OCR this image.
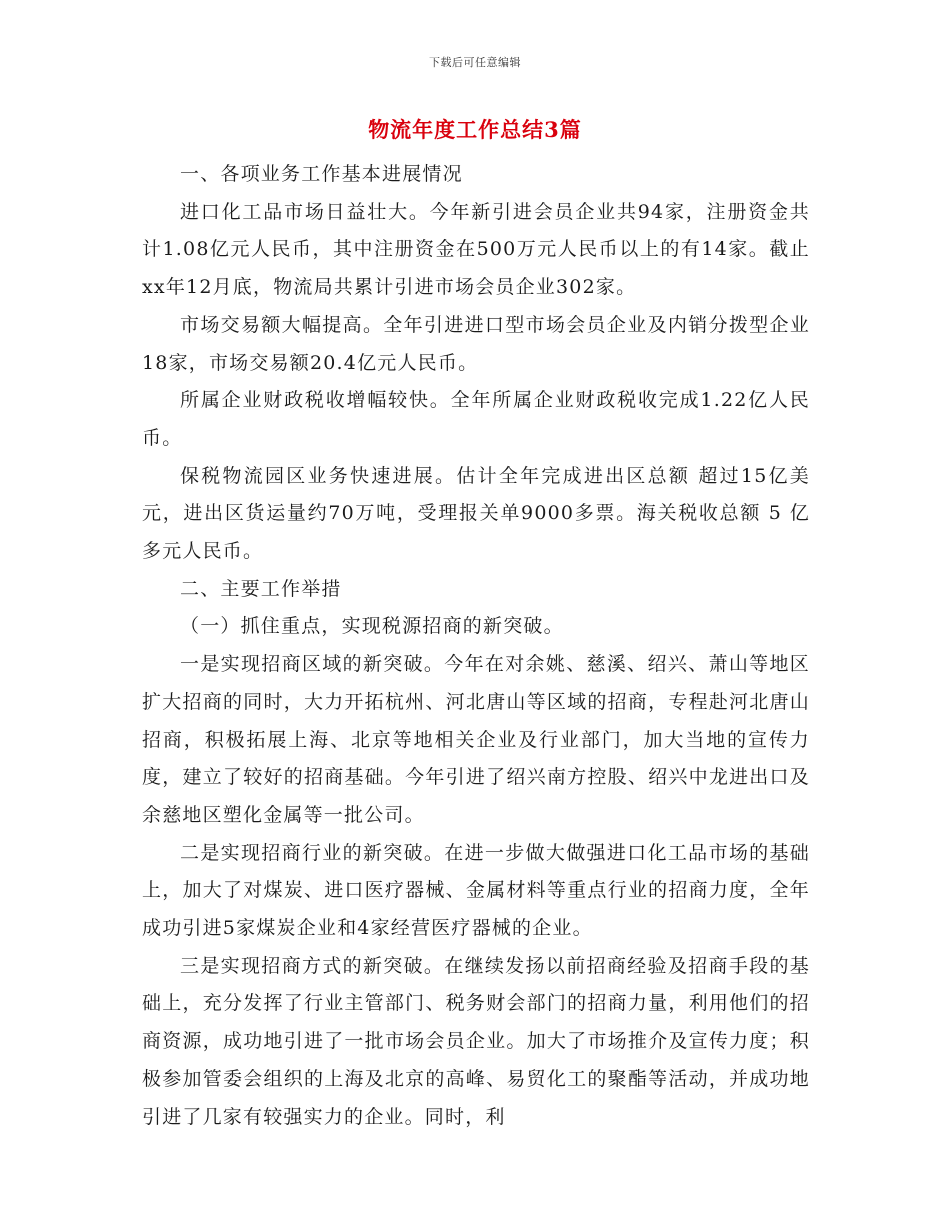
下载后可任意编辑
物流年度工作总结3篇

一、各项业务工作基本进展情况

进口化工品市场日益壮大。今年新引进会员企业共94家，注册资金共计1.08亿元人民币，其中注册资金在500万元人民币以上的有14家。截止xx年12月底，物流局共累计引进市场会员企业302家。

市场交易额大幅提高。全年引进进口型市场会员企业及内销分拨型企业18家，市场交易额20.4亿元人民币。

所属企业财政税收增幅较快。全年所属企业财政税收完成1.22亿人民币。

保税物流园区业务快速进展。估计全年完成进出区总额 超过15亿美元，进出区货运量约70万吨，受理报关单9000多票。海关税收总额 5 亿多元人民币。

二、主要工作举措

（一）抓住重点，实现税源招商的新突破。

一是实现招商区域的新突破。今年在对余姚、慈溪、绍兴、萧山等地区扩大招商的同时，大力开拓杭州、河北唐山等区域的招商，专程赴河北唐山招商，积极拓展上海、北京等地相关企业及行业部门，加大当地的宣传力度，建立了较好的招商基础。今年引进了绍兴南方控股、绍兴中龙进出口及余慈地区塑化金属等一批公司。

二是实现招商行业的新突破。在进一步做大做强进口化工品市场的基础上，加大了对煤炭、进口医疗器械、金属材料等重点行业的招商力度，全年成功引进5家煤炭企业和4家经营医疗器械的企业。

三是实现招商方式的新突破。在继续发扬以前招商经验及招商手段的基础上，充分发挥了行业主管部门、税务财会部门的招商力量，利用他们的招商资源，成功地引进了一批市场会员企业。加大了市场推介及宣传力度；积极参加管委会组织的上海及北京的高峰、易贸化工的聚酯等活动，并成功地引进了几家有较强实力的企业。同时，利
